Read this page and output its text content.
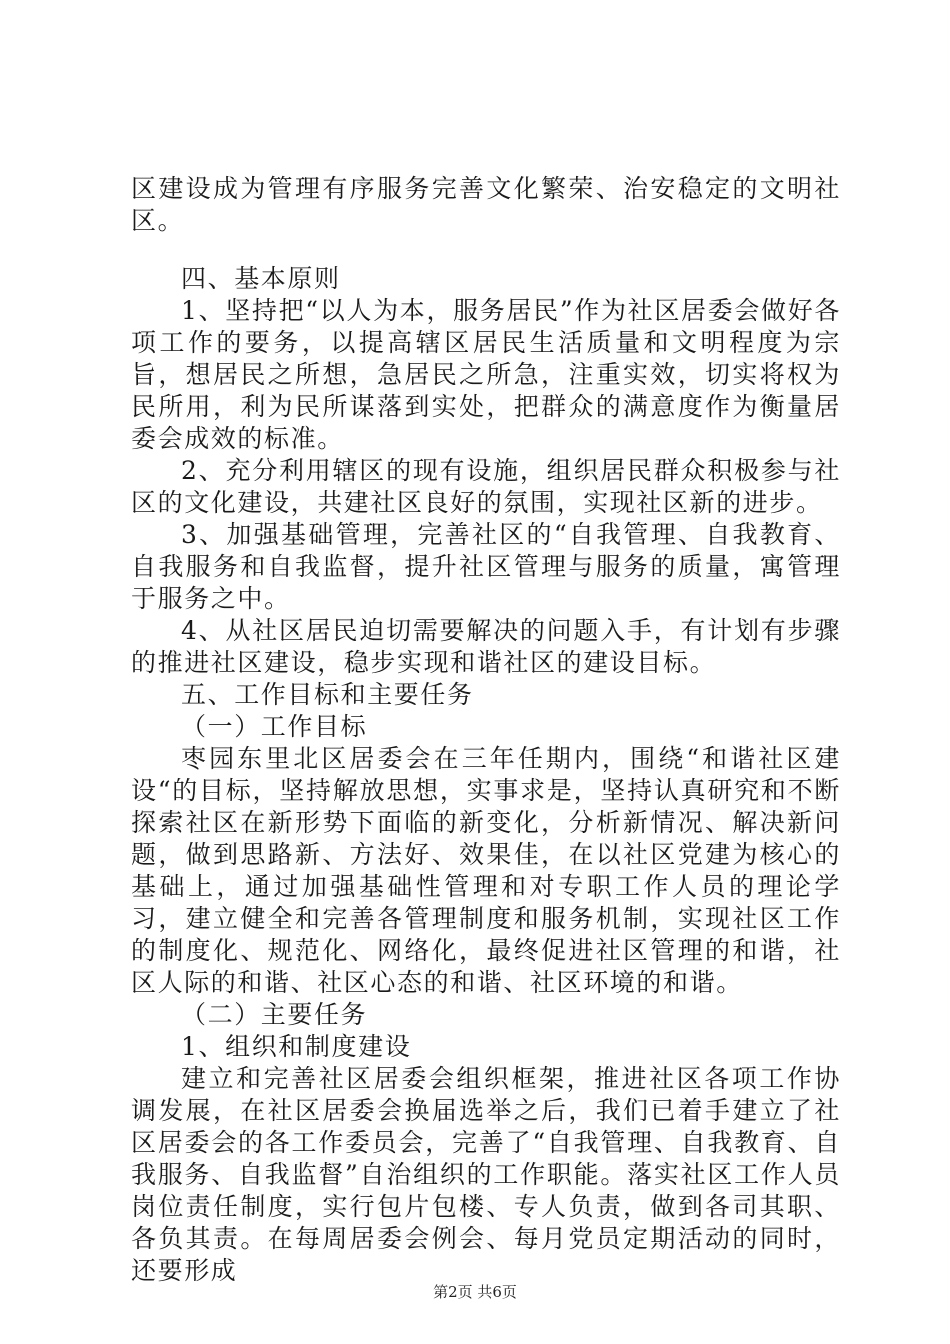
区建设成为管理有序服务完善文化繁荣、治安稳定的文明社区。

四、基本原则

1、坚持把“以人为本，服务居民”作为社区居委会做好各项工作的要务，以提高辖区居民生活质量和文明程度为宗旨，想居民之所想，急居民之所急，注重实效，切实将权为民所用，利为民所谋落到实处，把群众的满意度作为衡量居委会成效的标准。

2、充分利用辖区的现有设施，组织居民群众积极参与社区的文化建设，共建社区良好的氛围，实现社区新的进步。

3、加强基础管理，完善社区的“自我管理、自我教育、自我服务和自我监督，提升社区管理与服务的质量，寓管理于服务之中。

4、从社区居民迫切需要解决的问题入手，有计划有步骤的推进社区建设，稳步实现和谐社区的建设目标。

五、工作目标和主要任务

（一）工作目标

枣园东里北区居委会在三年任期内，围绕“和谐社区建设“的目标，坚持解放思想，实事求是，坚持认真研究和不断探索社区在新形势下面临的新变化，分析新情况、解决新问题，做到思路新、方法好、效果佳，在以社区党建为核心的基础上，通过加强基础性管理和对专职工作人员的理论学习，建立健全和完善各管理制度和服务机制，实现社区工作的制度化、规范化、网络化，最终促进社区管理的和谐，社区人际的和谐、社区心态的和谐、社区环境的和谐。

（二）主要任务

1、组织和制度建设

建立和完善社区居委会组织框架，推进社区各项工作协调发展，在社区居委会换届选举之后，我们已着手建立了社区居委会的各工作委员会，完善了“自我管理、自我教育、自我服务、自我监督”自治组织的工作职能。落实社区工作人员岗位责任制度，实行包片包楼、专人负责，做到各司其职、各负其责。在每周居委会例会、每月党员定期活动的同时，还要形成

第2页 共6页
